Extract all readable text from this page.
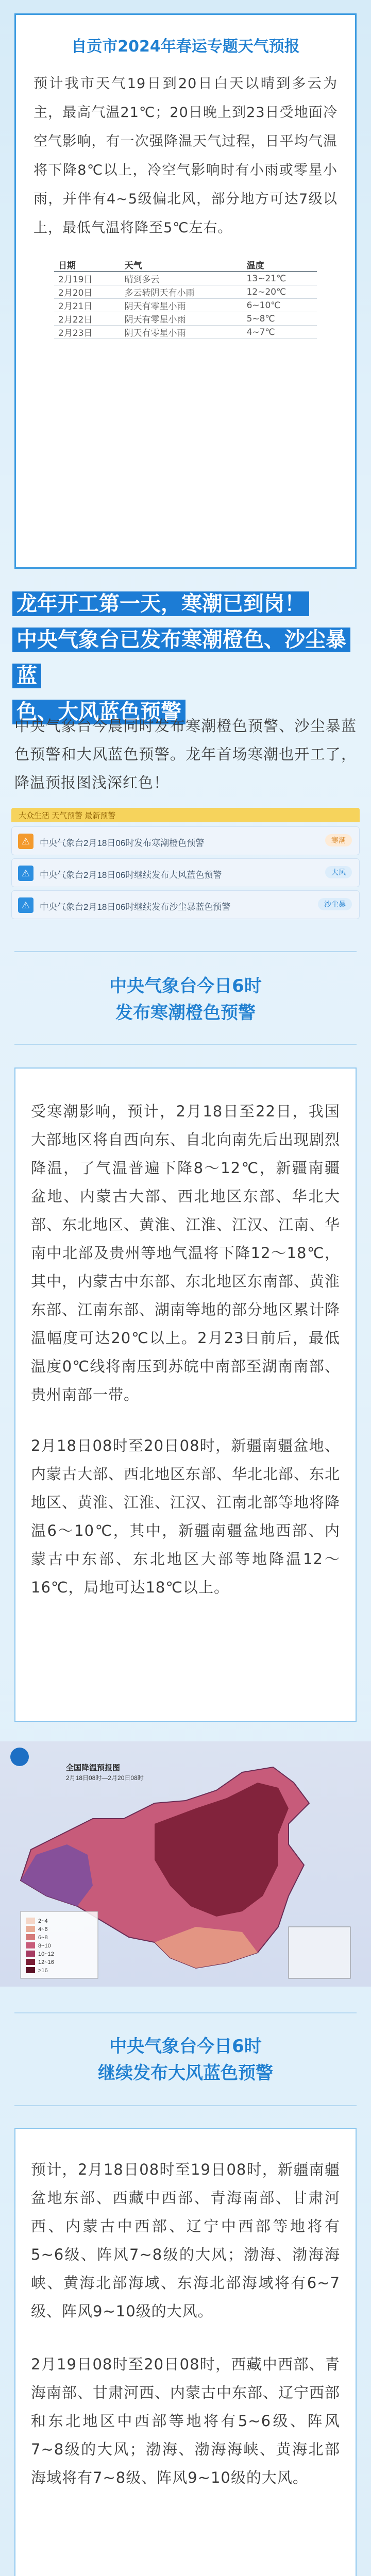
自贡市2024年春运专题天气预报

预计我市天气19日到20日白天以晴到多云为主，最高气温21℃；20日晚上到23日受地面冷空气影响，有一次强降温天气过程，日平均气温将下降8℃以上，冷空气影响时有小雨或零星小雨，并伴有4~5级偏北风，部分地方可达7级以上，最低气温将降至5℃左右。

日期	天气	温度
2月19日	晴到多云	13~21℃
2月20日	多云转阴天有小雨	12~20℃
2月21日	阴天有零星小雨	6~10℃
2月22日	阴天有零星小雨	5~8℃
2月23日	阴天有零星小雨	4~7℃
龙年开工第一天，寒潮已到岗！
中央气象台已发布寒潮橙色、沙尘暴蓝
色、大风蓝色预警

中央气象台今晨同时发布寒潮橙色预警、沙尘暴蓝色预警和大风蓝色预警。龙年首场寒潮也开工了，降温预报图浅深红色！

大众生活 天气预警 最新预警
⚠	中央气象台2月18日06时发布寒潮橙色预警	寒潮
⚠	中央气象台2月18日06时继续发布大风蓝色预警	大风
⚠	中央气象台2月18日06时继续发布沙尘暴蓝色预警	沙尘暴

中央气象台今日6时

发布寒潮橙色预警

受寒潮影响，预计，2月18日至22日，我国大部地区将自西向东、自北向南先后出现剧烈降温，了气温普遍下降8～12℃，新疆南疆盆地、内蒙古大部、西北地区东部、华北大部、东北地区、黄淮、江淮、江汉、江南、华南中北部及贵州等地气温将下降12～18℃，其中，内蒙古中东部、东北地区东南部、黄淮东部、江南东部、湖南等地的部分地区累计降温幅度可达20℃以上。2月23日前后，最低温度0℃线将南压到苏皖中南部至湖南南部、贵州南部一带。

2月18日08时至20日08时，新疆南疆盆地、内蒙古大部、西北地区东部、华北北部、东北地区、黄淮、江淮、江汉、江南北部等地将降温6～10℃，其中，新疆南疆盆地西部、内蒙古中东部、东北地区大部等地降温12～16℃，局地可达18℃以上。

2~4
4~6
6~8
8~10
10~12
12~16
>16
全国降温预报图
2月18日08时—2月20日08时

中央气象台今日6时

继续发布大风蓝色预警

预计，2月18日08时至19日08时，新疆南疆盆地东部、西藏中西部、青海南部、甘肃河西、内蒙古中西部、辽宁中西部等地将有5~6级、阵风7~8级的大风；渤海、渤海海峡、黄海北部海域、东海北部海域将有6~7级、阵风9~10级的大风。

2月19日08时至20日08时，西藏中西部、青海南部、甘肃河西、内蒙古中东部、辽宁西部和东北地区中西部等地将有5~6级、阵风7~8级的大风；渤海、渤海海峡、黄海北部海域将有7~8级、阵风9~10级的大风。
